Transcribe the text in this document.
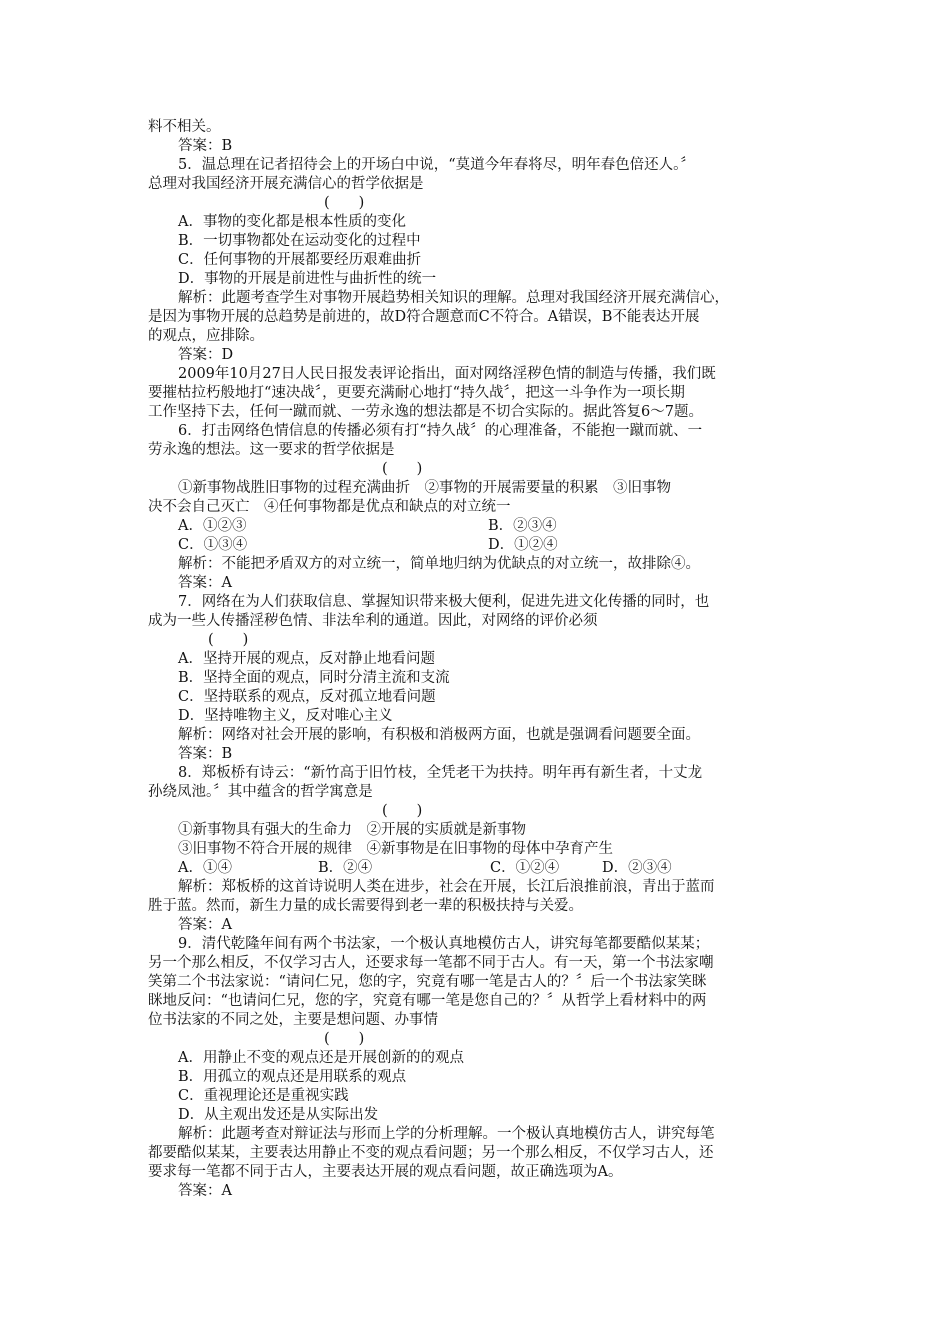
料不相关。
答案：B
5．温总理在记者招待会上的开场白中说，“莫道今年春将尽，明年春色倍还人。〞
总理对我国经济开展充满信心的哲学依据是
(　　)
A．事物的变化都是根本性质的变化
B．一切事物都处在运动变化的过程中
C．任何事物的开展都要经历艰难曲折
D．事物的开展是前进性与曲折性的统一
解析：此题考查学生对事物开展趋势相关知识的理解。总理对我国经济开展充满信心，
是因为事物开展的总趋势是前进的，故D符合题意而C不符合。A错误，B不能表达开展
的观点，应排除。
答案：D
2009年10月27日人民日报发表评论指出，面对网络淫秽色情的制造与传播，我们既
要摧枯拉朽般地打“速决战〞，更要充满耐心地打“持久战〞，把这一斗争作为一项长期
工作坚持下去，任何一蹴而就、一劳永逸的想法都是不切合实际的。据此答复6～7题。
6．打击网络色情信息的传播必须有打“持久战〞的心理准备，不能抱一蹴而就、一
劳永逸的想法。这一要求的哲学依据是
(　　)
①新事物战胜旧事物的过程充满曲折　②事物的开展需要量的积累　③旧事物
决不会自己灭亡　④任何事物都是优点和缺点的对立统一
A．①②③	B．②③④
C．①③④	D．①②④
解析：不能把矛盾双方的对立统一，简单地归纳为优缺点的对立统一，故排除④。
答案：A
7．网络在为人们获取信息、掌握知识带来极大便利，促进先进文化传播的同时，也
成为一些人传播淫秽色情、非法牟利的通道。因此，对网络的评价必须
(　　)
A．坚持开展的观点，反对静止地看问题
B．坚持全面的观点，同时分清主流和支流
C．坚持联系的观点，反对孤立地看问题
D．坚持唯物主义，反对唯心主义
解析：网络对社会开展的影响，有积极和消极两方面，也就是强调看问题要全面。
答案：B
8．郑板桥有诗云：“新竹高于旧竹枝，全凭老干为扶持。明年再有新生者，十丈龙
孙绕凤池。〞其中蕴含的哲学寓意是
(　　)
①新事物具有强大的生命力　②开展的实质就是新事物
③旧事物不符合开展的规律　④新事物是在旧事物的母体中孕育产生
A．①④	B．②④	C．①②④	D．②③④
解析：郑板桥的这首诗说明人类在进步，社会在开展，长江后浪推前浪，青出于蓝而
胜于蓝。然而，新生力量的成长需要得到老一辈的积极扶持与关爱。
答案：A
9．清代乾隆年间有两个书法家，一个极认真地模仿古人，讲究每笔都要酷似某某；
另一个那么相反，不仅学习古人，还要求每一笔都不同于古人。有一天，第一个书法家嘲
笑第二个书法家说：“请问仁兄，您的字，究竟有哪一笔是古人的？〞后一个书法家笑眯
眯地反问：“也请问仁兄，您的字，究竟有哪一笔是您自己的？〞从哲学上看材料中的两
位书法家的不同之处，主要是想问题、办事情
(　　)
A．用静止不变的观点还是开展创新的的观点
B．用孤立的观点还是用联系的观点
C．重视理论还是重视实践
D．从主观出发还是从实际出发
解析：此题考查对辩证法与形而上学的分析理解。一个极认真地模仿古人，讲究每笔
都要酷似某某，主要表达用静止不变的观点看问题；另一个那么相反，不仅学习古人，还
要求每一笔都不同于古人，主要表达开展的观点看问题，故正确选项为A。
答案：A
